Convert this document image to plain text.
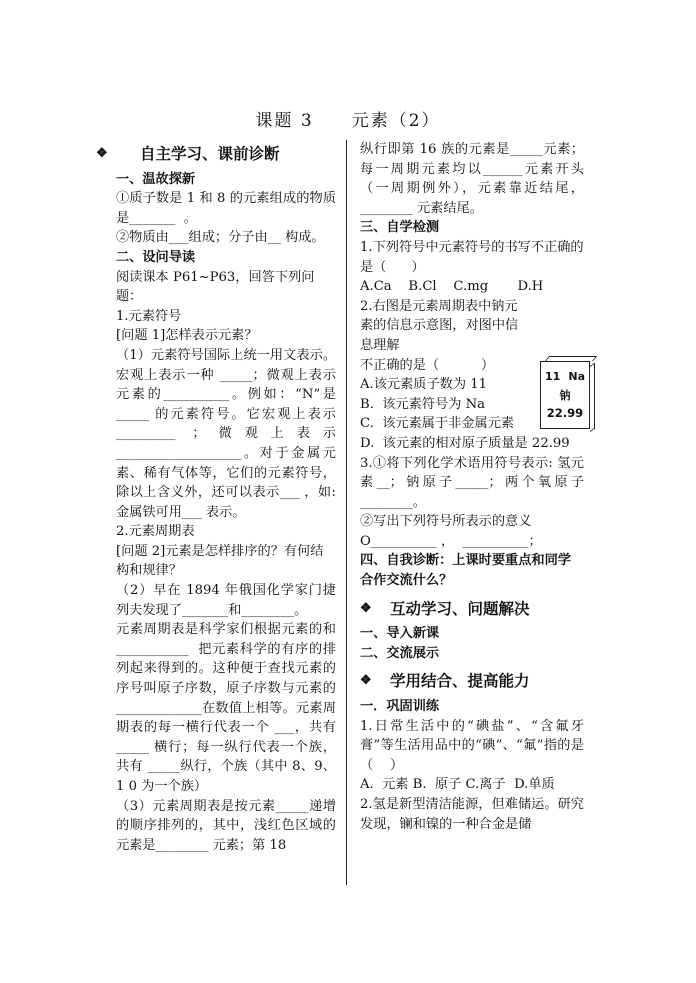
课题 3　　元素（2）
❖	自主学习、课前诊断

一、温故探新

①质子数是 1 和 8 的元素组成的物质是_______  。

②物质由___组成；分子由__ 构成。

二、设问导读

阅读课本 P61~P63，回答下列问题：

1.元素符号

[问题 1]怎样表示元素？

（1）元素符号国际上统一用文表示。宏观上表示一种 _____；微观上表示元素的__________。例如：“N”是_____ 的元素符号。它宏观上表示_________ ；微观上表示 ___________________。对于金属元素、稀有气体等，它们的元素符号，除以上含义外，还可以表示___ ，如: 金属铁可用___ 表示。

2.元素周期表

[问题 2]元素是怎样排序的？有何结构和规律？

（2）早在 1894 年俄国化学家门捷列夫发现了_______和________。

元素周期表是科学家们根据元素的和___________  把元素科学的有序的排列起来得到的。这种便于查找元素的序号叫原子序数，原子序数与元素的_____________在数值上相等。元素周期表的每一横行代表一个 ___，共有 _____ 横行；每一纵行代表一个族，共有 _____纵行，个族（其中 8、9、1 0 为一个族）

（3）元素周期表是按元素_____递增的顺序排列的，其中，浅红色区域的元素是________ 元素；第 18

纵行即第 16 族的元素是_____元素；每一周期元素均以______元素开头（一周期例外），元素靠近结尾，________ 元素结尾。

三、自学检测

1.下列符号中元素符号的书写不正确的是（      ）

A.Ca    B.Cl    C.mg       D.H

2.右图是元素周期表中钠元素的信息示意图，对图中信息理解

不正确的是（          ）

A.该元素质子数为 11

B.  该元素符号为 Na

C.  该元素属于非金属元素

D.  该元素的相对原子质量是 22.99

3.①将下列化学术语用符号表示: 氢元素__；钠原子_____；两个氧原子 ________。

②写出下列符号所表示的意义

O__________ ，  __________；

四、自我诊断：上课时要重点和同学合作交流什么？

❖	互动学习、问题解决

一、导入新课

二、交流展示

❖	学用结合、提高能力

一．巩固训练

1.日常生活中的“碘盐”、“含氟牙膏”等生活用品中的“碘”、“氟”指的是（    ）

A.  元素 B.  原子 C.离子  D.单质

2.氢是新型清洁能源，但难储运。研究发现，镧和镍的一种合金是储

11 Na
钠
22.99
